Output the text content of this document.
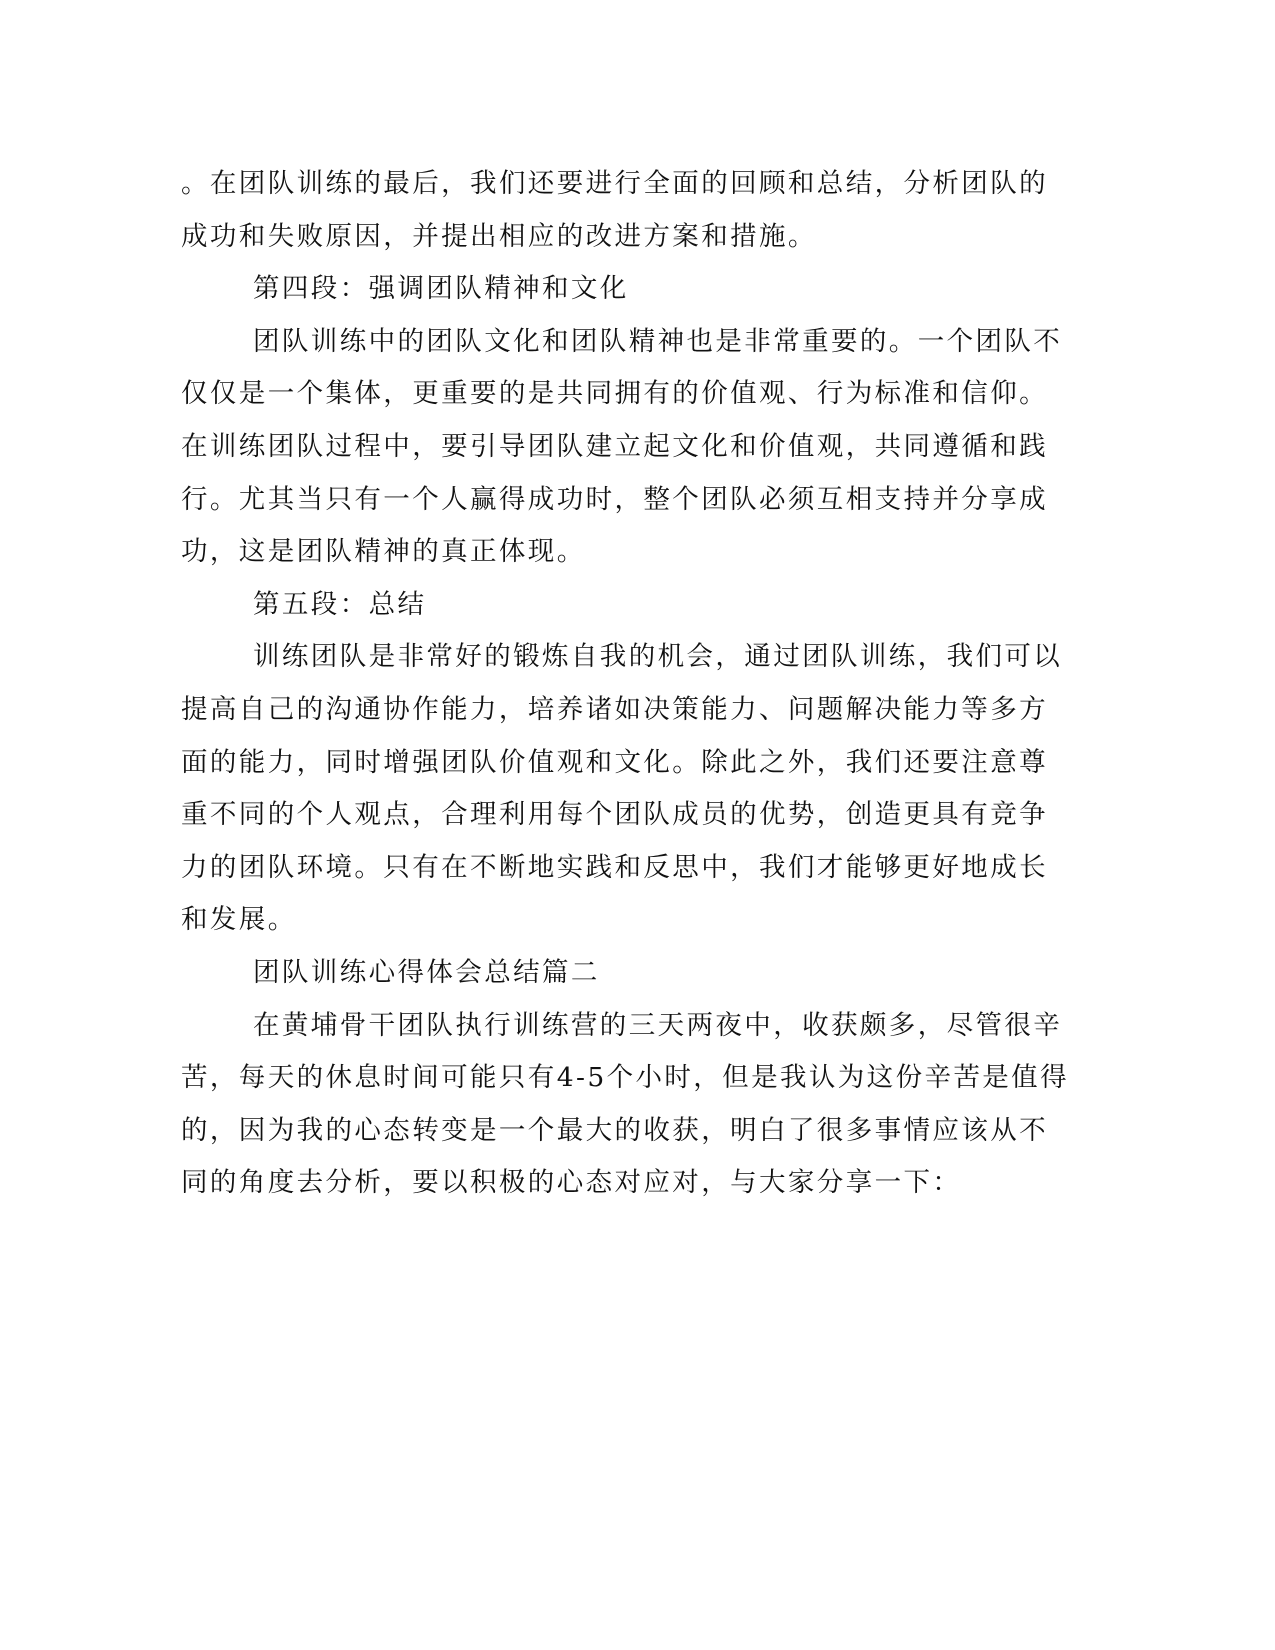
。在团队训练的最后，我们还要进行全面的回顾和总结，分析团队的

成功和失败原因，并提出相应的改进方案和措施。

第四段：强调团队精神和文化

团队训练中的团队文化和团队精神也是非常重要的。一个团队不

仅仅是一个集体，更重要的是共同拥有的价值观、行为标准和信仰。

在训练团队过程中，要引导团队建立起文化和价值观，共同遵循和践

行。尤其当只有一个人赢得成功时，整个团队必须互相支持并分享成

功，这是团队精神的真正体现。

第五段：总结

训练团队是非常好的锻炼自我的机会，通过团队训练，我们可以

提高自己的沟通协作能力，培养诸如决策能力、问题解决能力等多方

面的能力，同时增强团队价值观和文化。除此之外，我们还要注意尊

重不同的个人观点，合理利用每个团队成员的优势，创造更具有竞争

力的团队环境。只有在不断地实践和反思中，我们才能够更好地成长

和发展。

团队训练心得体会总结篇二

在黄埔骨干团队执行训练营的三天两夜中，收获颇多，尽管很辛

苦，每天的休息时间可能只有4-5个小时，但是我认为这份辛苦是值得

的，因为我的心态转变是一个最大的收获，明白了很多事情应该从不

同的角度去分析，要以积极的心态对应对，与大家分享一下：
